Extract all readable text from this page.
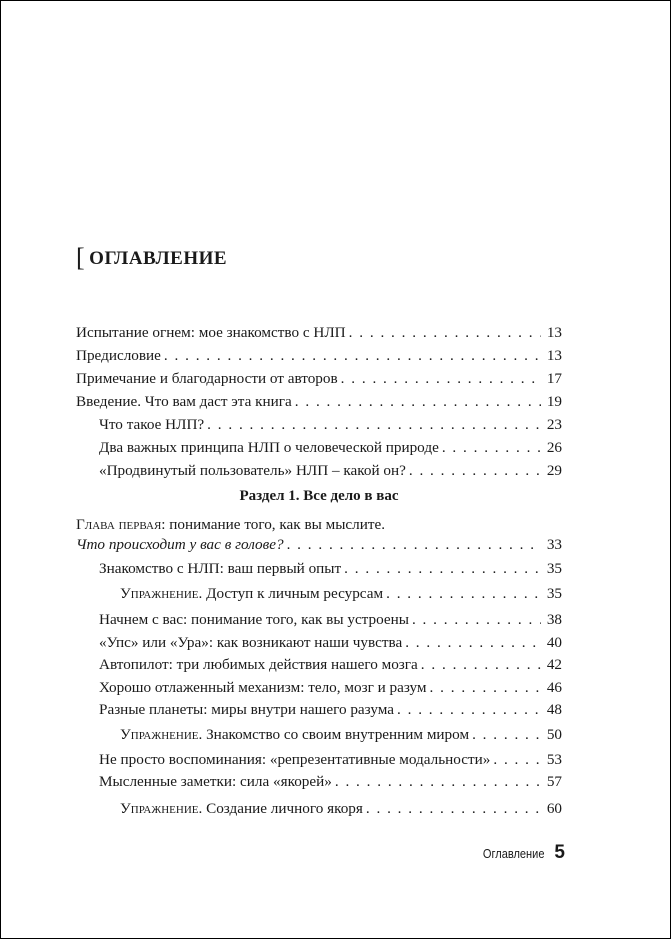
[ ОГЛАВЛЕНИЕ
Испытание огнем: мое знакомство с НЛП . . .	13
Предисловие . . .	13
Примечание и благодарности от авторов . . .	17
Введение. Что вам даст эта книга . . .	19
Что такое НЛП? . . .	23
Два важных принципа НЛП о человеческой природе . . .	26
«Продвинутый пользователь» НЛП – какой он? . . .	29
Раздел 1. Все дело в вас
Глава первая: понимание того, как вы мыслите.
Что происходит у вас в голове? . . .	33
Знакомство с НЛП: ваш первый опыт . . .	35
Упражнение. Доступ к личным ресурсам . . .	35
Начнем с вас: понимание того, как вы устроены . . .	38
«Упс» или «Ура»: как возникают наши чувства . . .	40
Автопилот: три любимых действия нашего мозга . . .	42
Хорошо отлаженный механизм: тело, мозг и разум . . .	46
Разные планеты: миры внутри нашего разума . . .	48
Упражнение. Знакомство со своим внутренним миром . . .	50
Не просто воспоминания: «репрезентативные модальности» . . .	53
Мысленные заметки: сила «якорей» . . .	57
Упражнение. Создание личного якоря . . .	60
Оглавление 5
